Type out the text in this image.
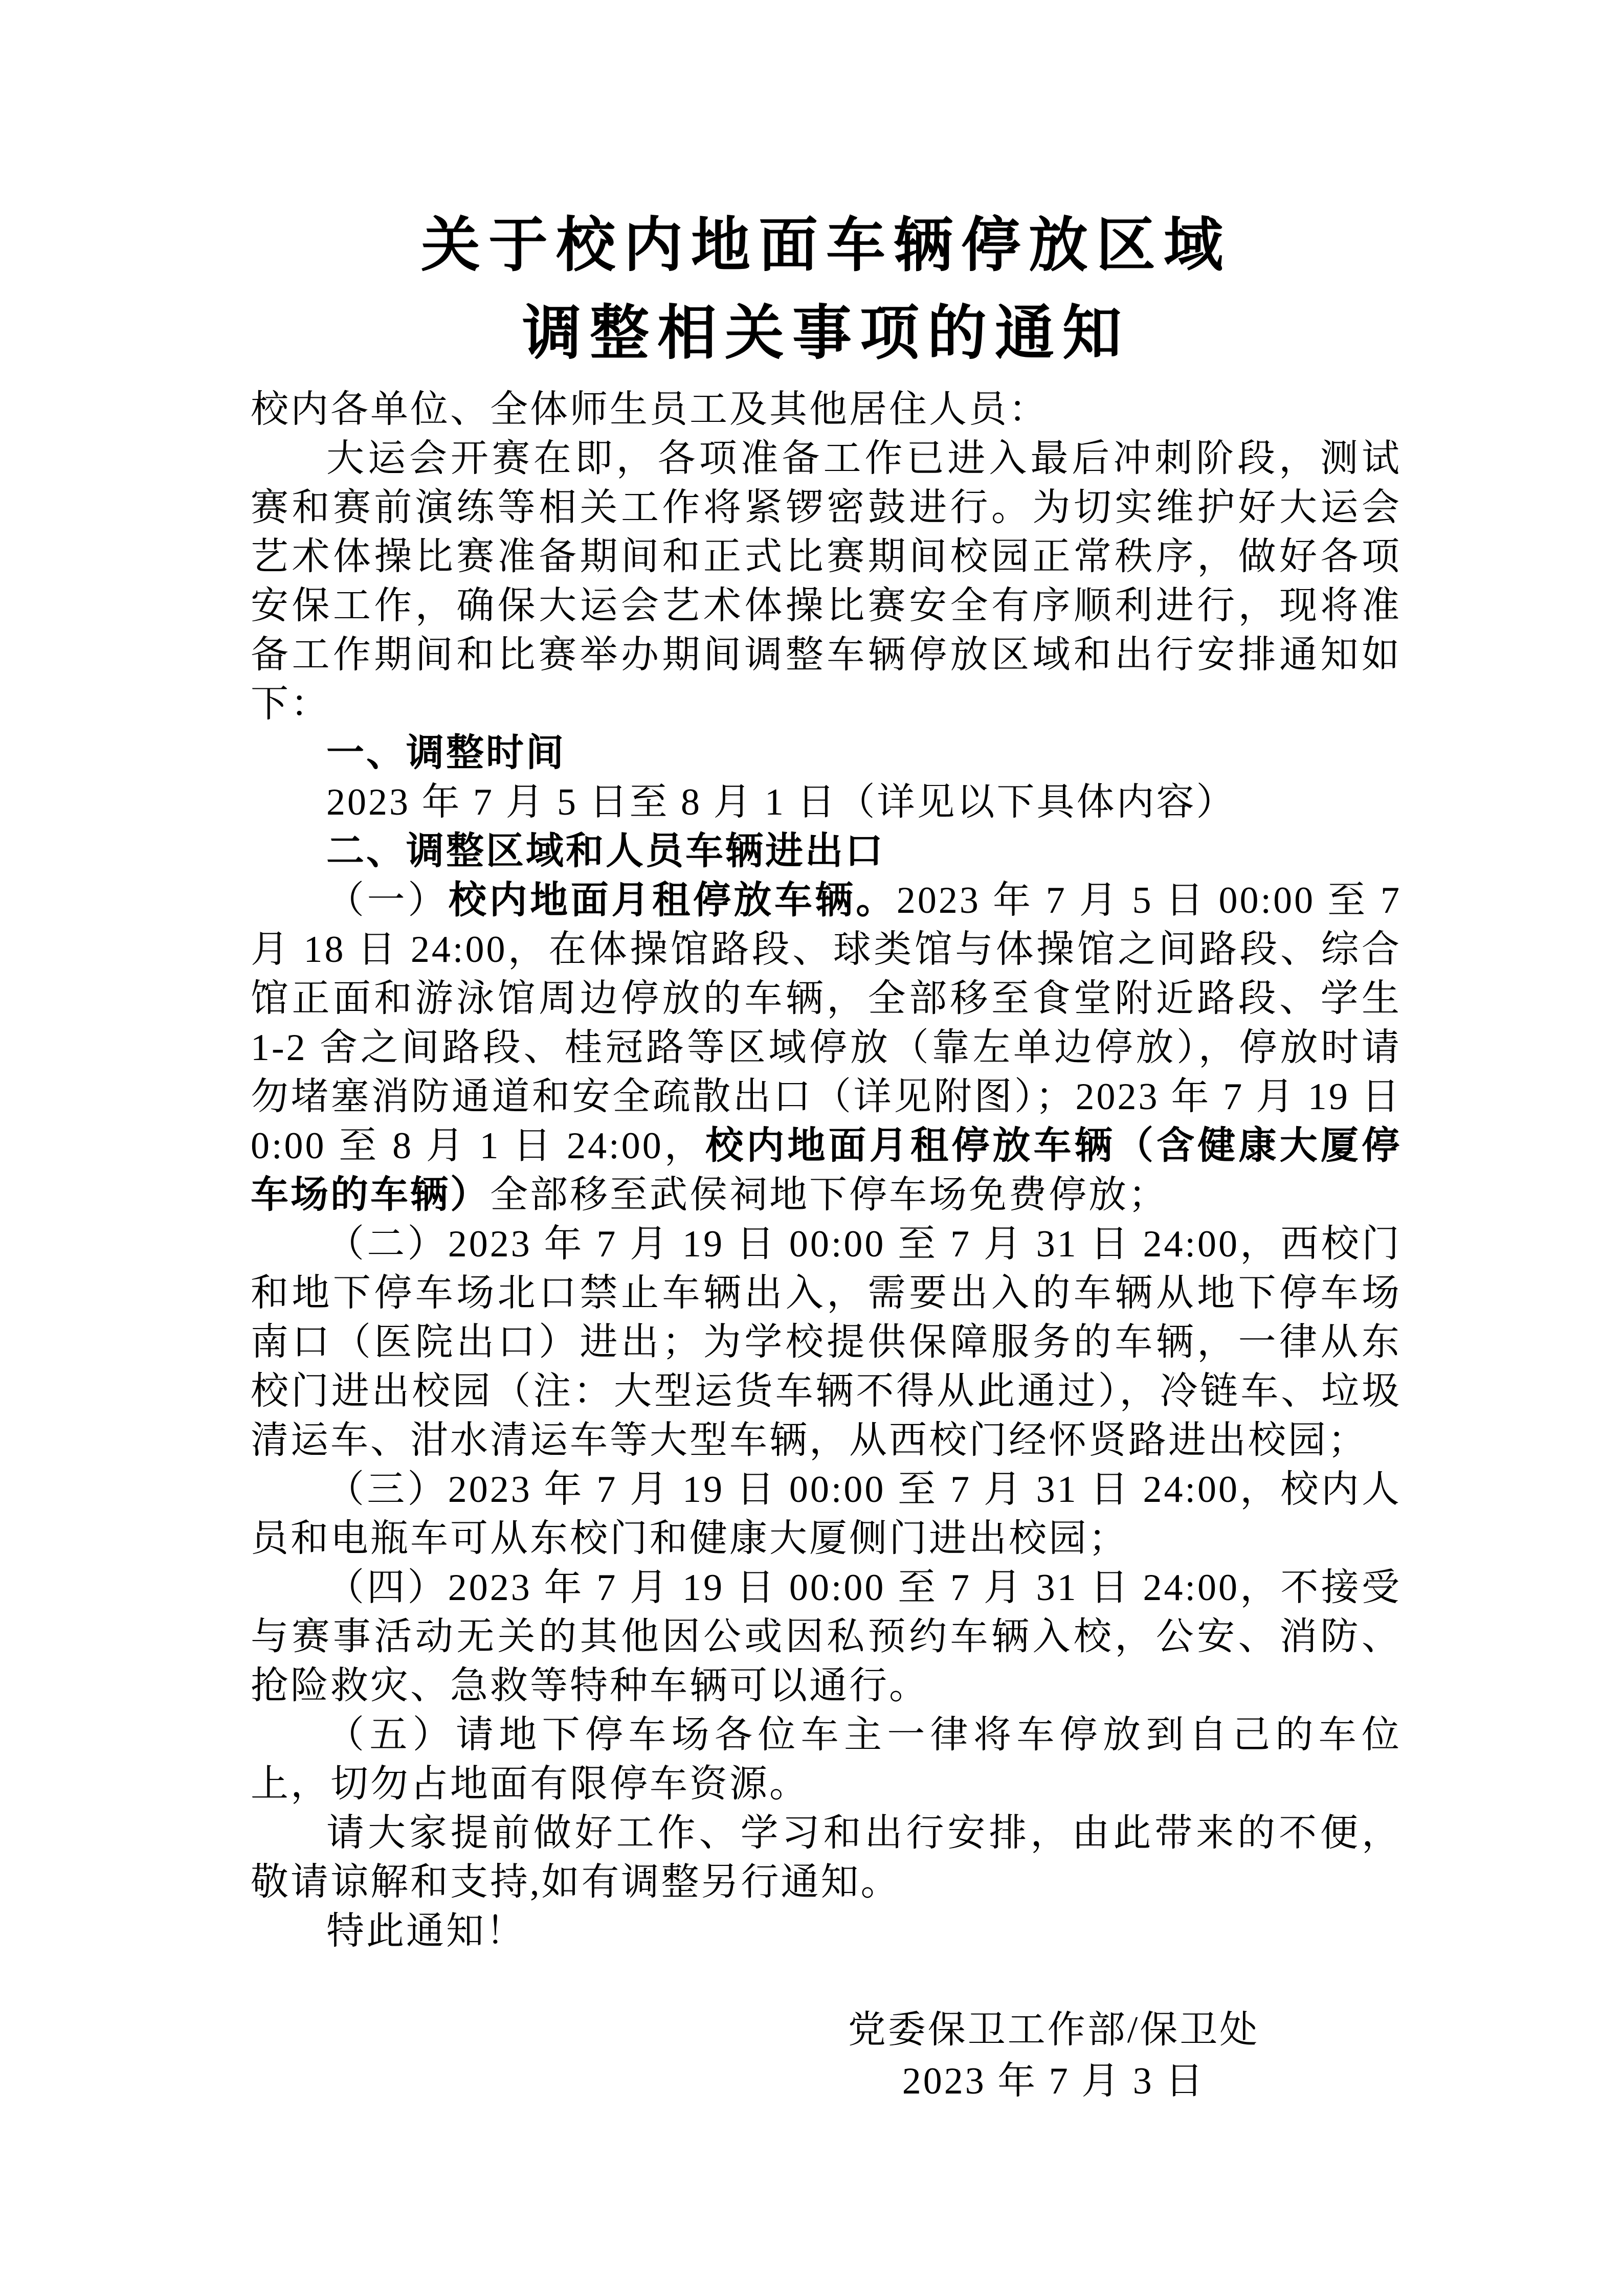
关于校内地面车辆停放区域
调整相关事项的通知

校内各单位、全体师生员工及其他居住人员：

大运会开赛在即，各项准备工作已进入最后冲刺阶段，测试赛和赛前演练等相关工作将紧锣密鼓进行。为切实维护好大运会艺术体操比赛准备期间和正式比赛期间校园正常秩序，做好各项安保工作，确保大运会艺术体操比赛安全有序顺利进行，现将准备工作期间和比赛举办期间调整车辆停放区域和出行安排通知如下：

一、调整时间

2023 年 7 月 5 日至 8 月 1 日（详见以下具体内容）

二、调整区域和人员车辆进出口

（一）校内地面月租停放车辆。2023 年 7 月 5 日 00:00 至 7 月 18 日 24:00，在体操馆路段、球类馆与体操馆之间路段、综合馆正面和游泳馆周边停放的车辆，全部移至食堂附近路段、学生 1-2 舍之间路段、桂冠路等区域停放（靠左单边停放），停放时请勿堵塞消防通道和安全疏散出口（详见附图）；2023 年 7 月 19 日 0:00 至 8 月 1 日 24:00，校内地面月租停放车辆（含健康大厦停车场的车辆）全部移至武侯祠地下停车场免费停放；

（二）2023 年 7 月 19 日 00:00 至 7 月 31 日 24:00，西校门和地下停车场北口禁止车辆出入，需要出入的车辆从地下停车场南口（医院出口）进出；为学校提供保障服务的车辆，一律从东校门进出校园（注：大型运货车辆不得从此通过），冷链车、垃圾清运车、泔水清运车等大型车辆，从西校门经怀贤路进出校园；

（三）2023 年 7 月 19 日 00:00 至 7 月 31 日 24:00，校内人员和电瓶车可从东校门和健康大厦侧门进出校园；

（四）2023 年 7 月 19 日 00:00 至 7 月 31 日 24:00，不接受与赛事活动无关的其他因公或因私预约车辆入校，公安、消防、抢险救灾、急救等特种车辆可以通行。

（五）请地下停车场各位车主一律将车停放到自己的车位上，切勿占地面有限停车资源。

请大家提前做好工作、学习和出行安排，由此带来的不便，敬请谅解和支持,如有调整另行通知。

特此通知！

党委保卫工作部/保卫处
2023 年 7 月 3 日
